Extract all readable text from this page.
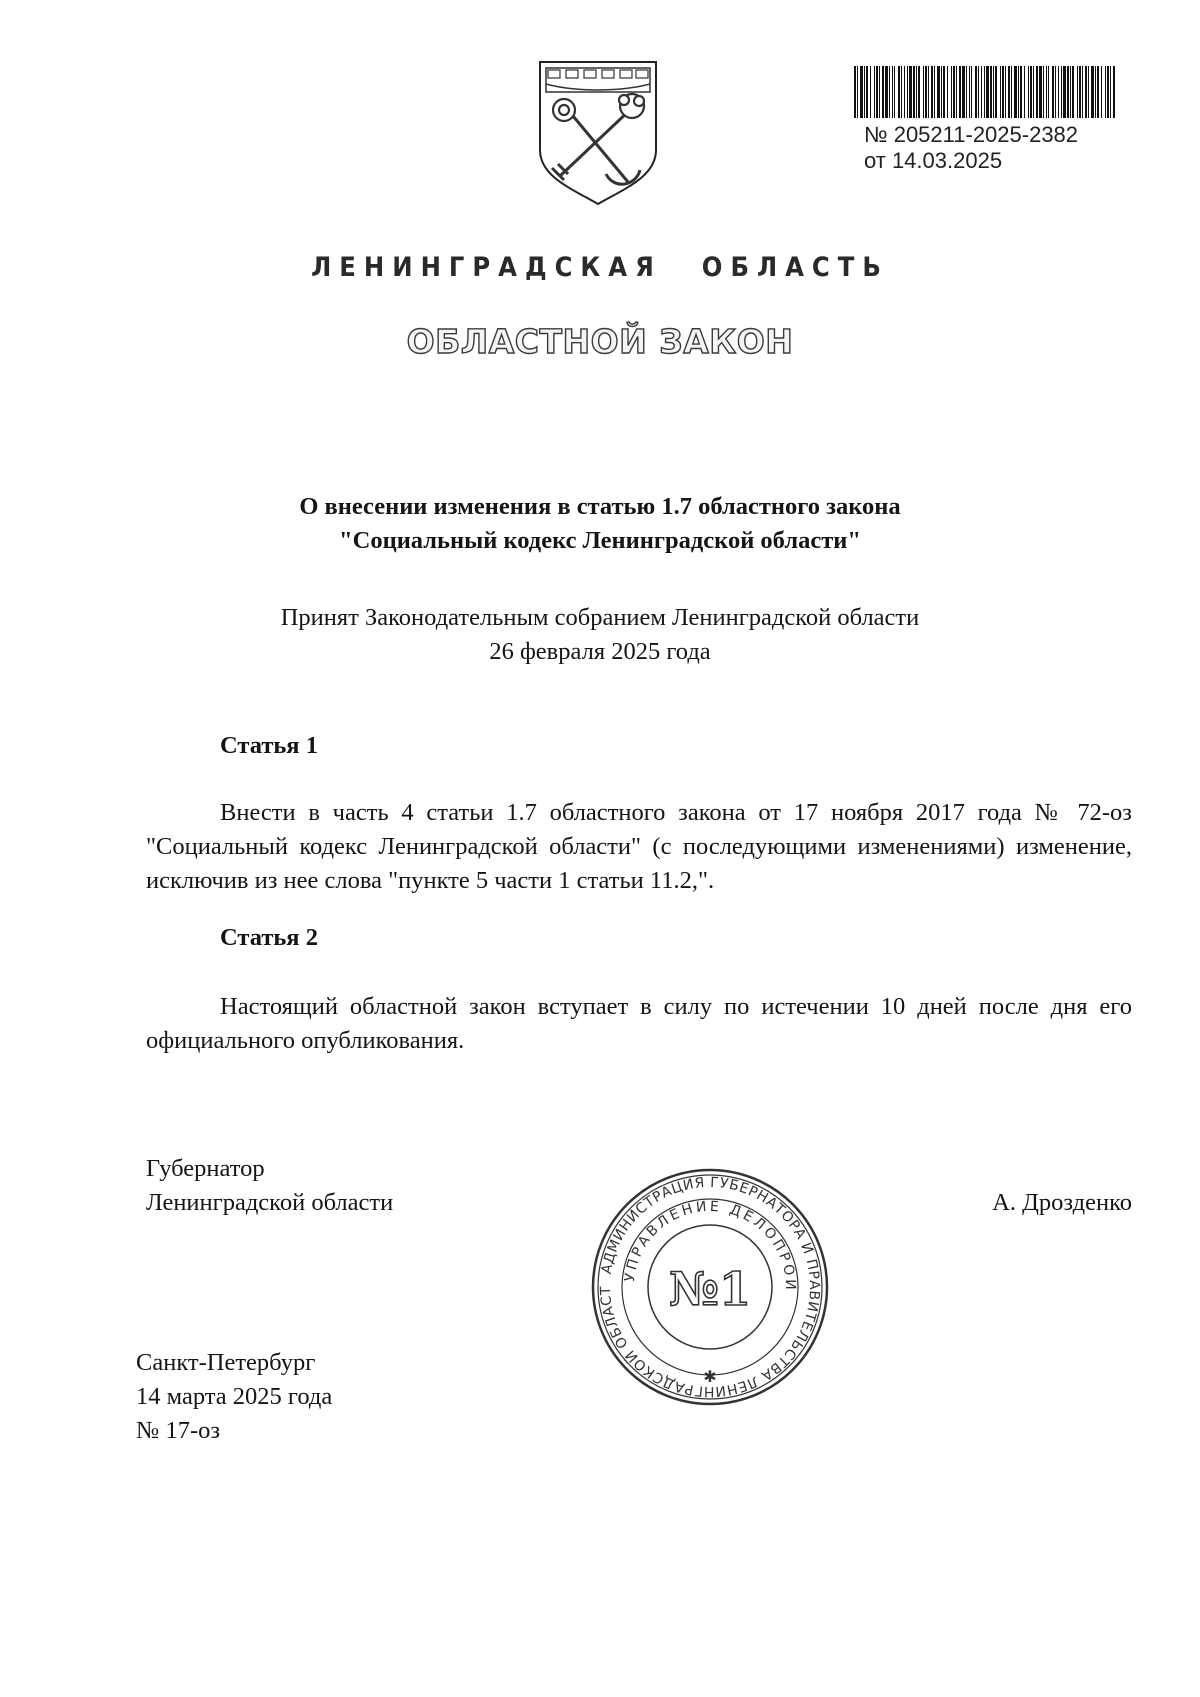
№ 205211-2025-2382
от 14.03.2025
ЛЕНИНГРАДСКАЯ ОБЛАСТЬ
ОБЛАСТНОЙ ЗАКОН
О внесении изменения в статью 1.7 областного закона
"Социальный кодекс Ленинградской области"
Принят Законодательным собранием Ленинградской области
26 февраля 2025 года
Статья 1

Внести в часть 4 статьи 1.7 областного закона от 17 ноября 2017 года № 72-оз "Социальный кодекс Ленинградской области" (с последующими изменениями) изменение, исключив из нее слова "пункте 5 части 1 статьи 11.2,".

Статья 2

Настоящий областной закон вступает в силу по истечении 10 дней после дня его официального опубликования.

Губернатор
Ленинградской области	А. Дрозденко
АДМИНИСТРАЦИЯ ГУБЕРНАТОРА И ПРАВИТЕЛЬСТВА ЛЕНИНГРАДСКОЙ ОБЛАСТ
УПРАВЛЕНИЕ ДЕЛОПРОИ
№1
✱
Санкт-Петербург
14 марта 2025 года
№ 17-оз
